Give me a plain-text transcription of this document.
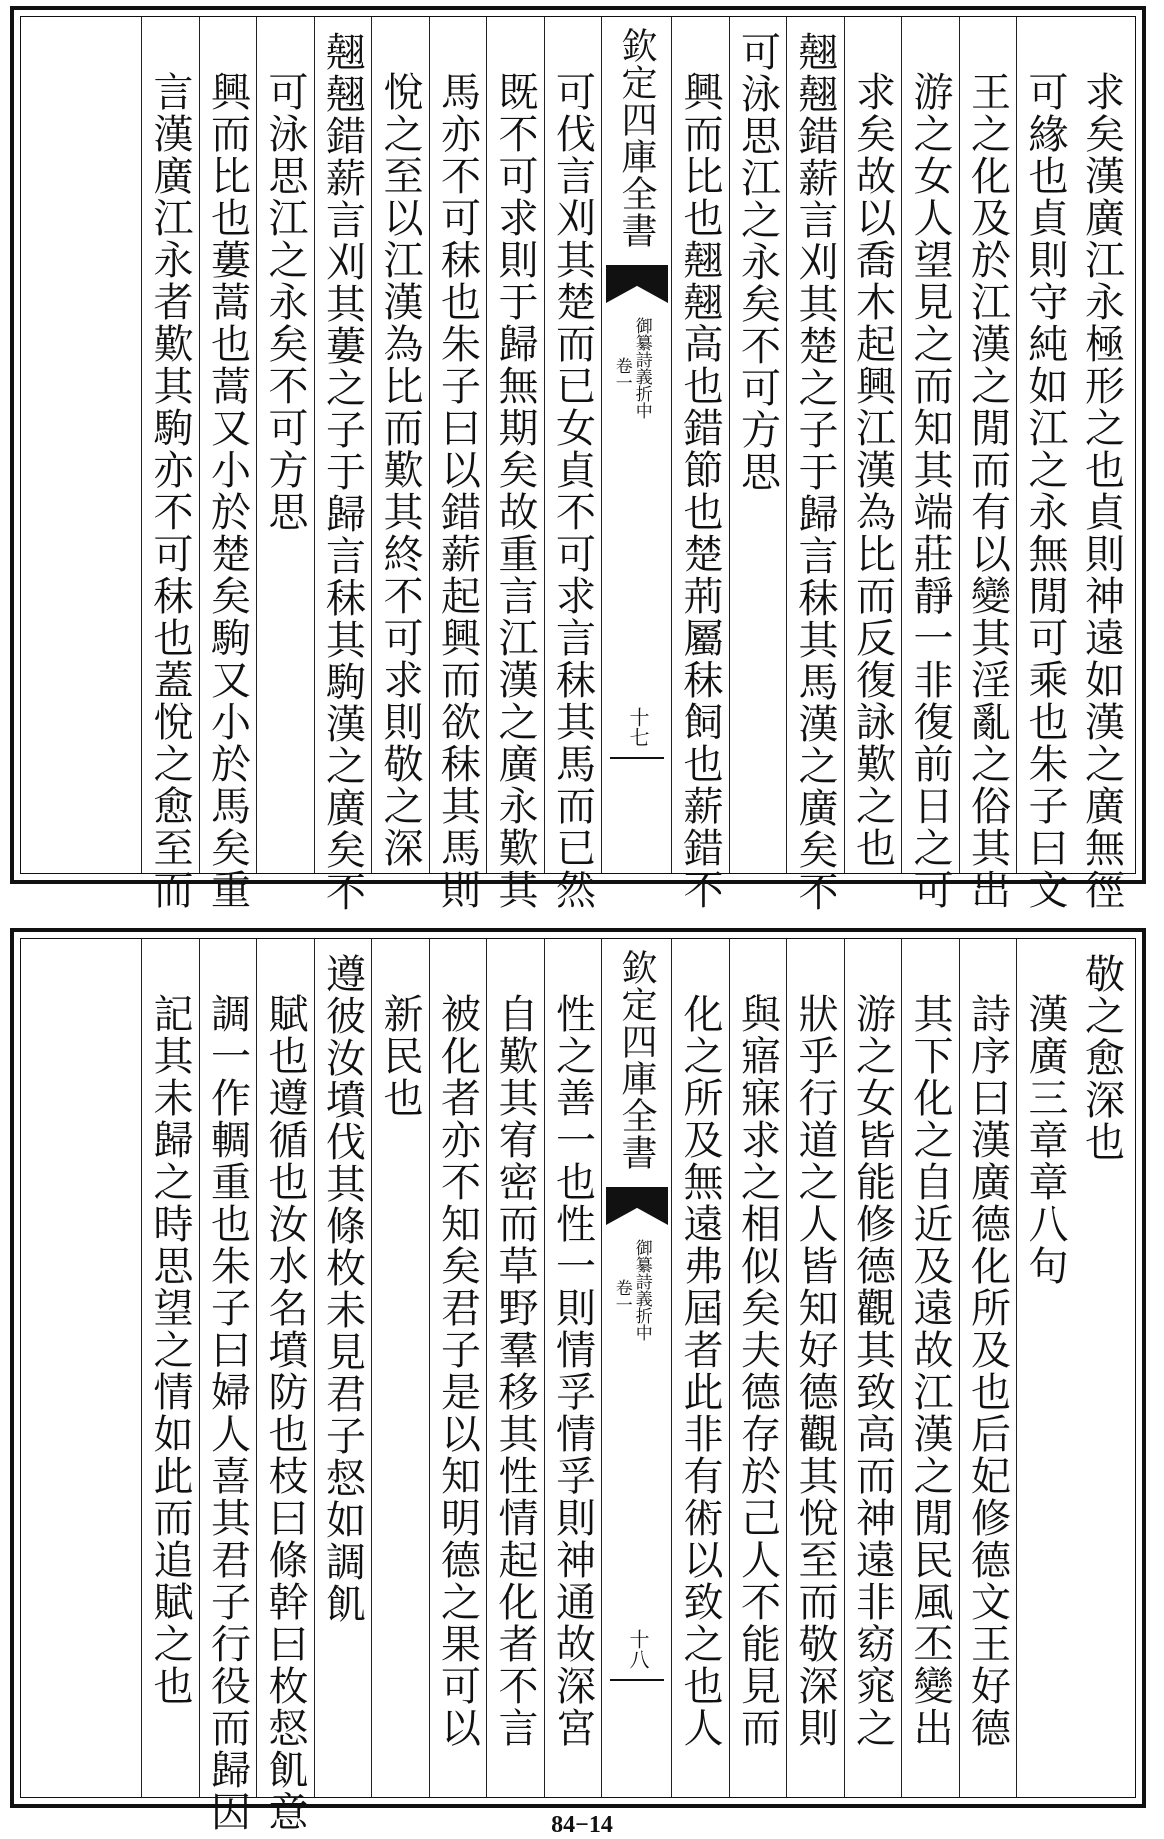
求矣漢廣江永極形之也貞則神遠如漢之廣無徑
可緣也貞則守純如江之永無閒可乘也朱子曰文
王之化及於江漢之閒而有以變其淫亂之俗其出
游之女人望見之而知其端莊靜一非復前日之可
求矣故以喬木起興江漢為比而反復詠歎之也
翹翹錯薪言刈其楚之子于歸言秣其馬漢之廣矣不
可泳思江之永矣不可方思
興而比也翹翹高也錯節也楚荊屬秣飼也薪錯不
欽定四庫全書
御纂詩義折中
卷一
十七
可伐言刈其楚而已女貞不可求言秣其馬而已然
既不可求則于歸無期矣故重言江漢之廣永歎其
馬亦不可秣也朱子曰以錯薪起興而欲秣其馬則
悅之至以江漢為比而歎其終不可求則敬之深
翹翹錯薪言刈其蔞之子于歸言秣其駒漢之廣矣不
可泳思江之永矣不可方思
興而比也蔞蒿也蒿又小於楚矣駒又小於馬矣重
言漢廣江永者歎其駒亦不可秣也蓋悅之愈至而
敬之愈深也
漢廣三章章八句
詩序曰漢廣德化所及也后妃修德文王好德
其下化之自近及遠故江漢之閒民風丕變出
游之女皆能修德觀其致高而神遠非窈窕之
狀乎行道之人皆知好德觀其悅至而敬深則
與寤寐求之相似矣夫德存於己人不能見而
化之所及無遠弗屆者此非有術以致之也人
欽定四庫全書
御纂詩義折中
卷一
十八
性之善一也性一則情孚情孚則神通故深宮
自歎其宥密而草野羣移其性情起化者不言
被化者亦不知矣君子是以知明德之果可以
新民也
遵彼汝墳伐其條枚未見君子惄如調飢
賦也遵循也汝水名墳防也枝曰條幹曰枚惄飢意
調一作輖重也朱子曰婦人喜其君子行役而歸因
記其未歸之時思望之情如此而追賦之也
84−14
